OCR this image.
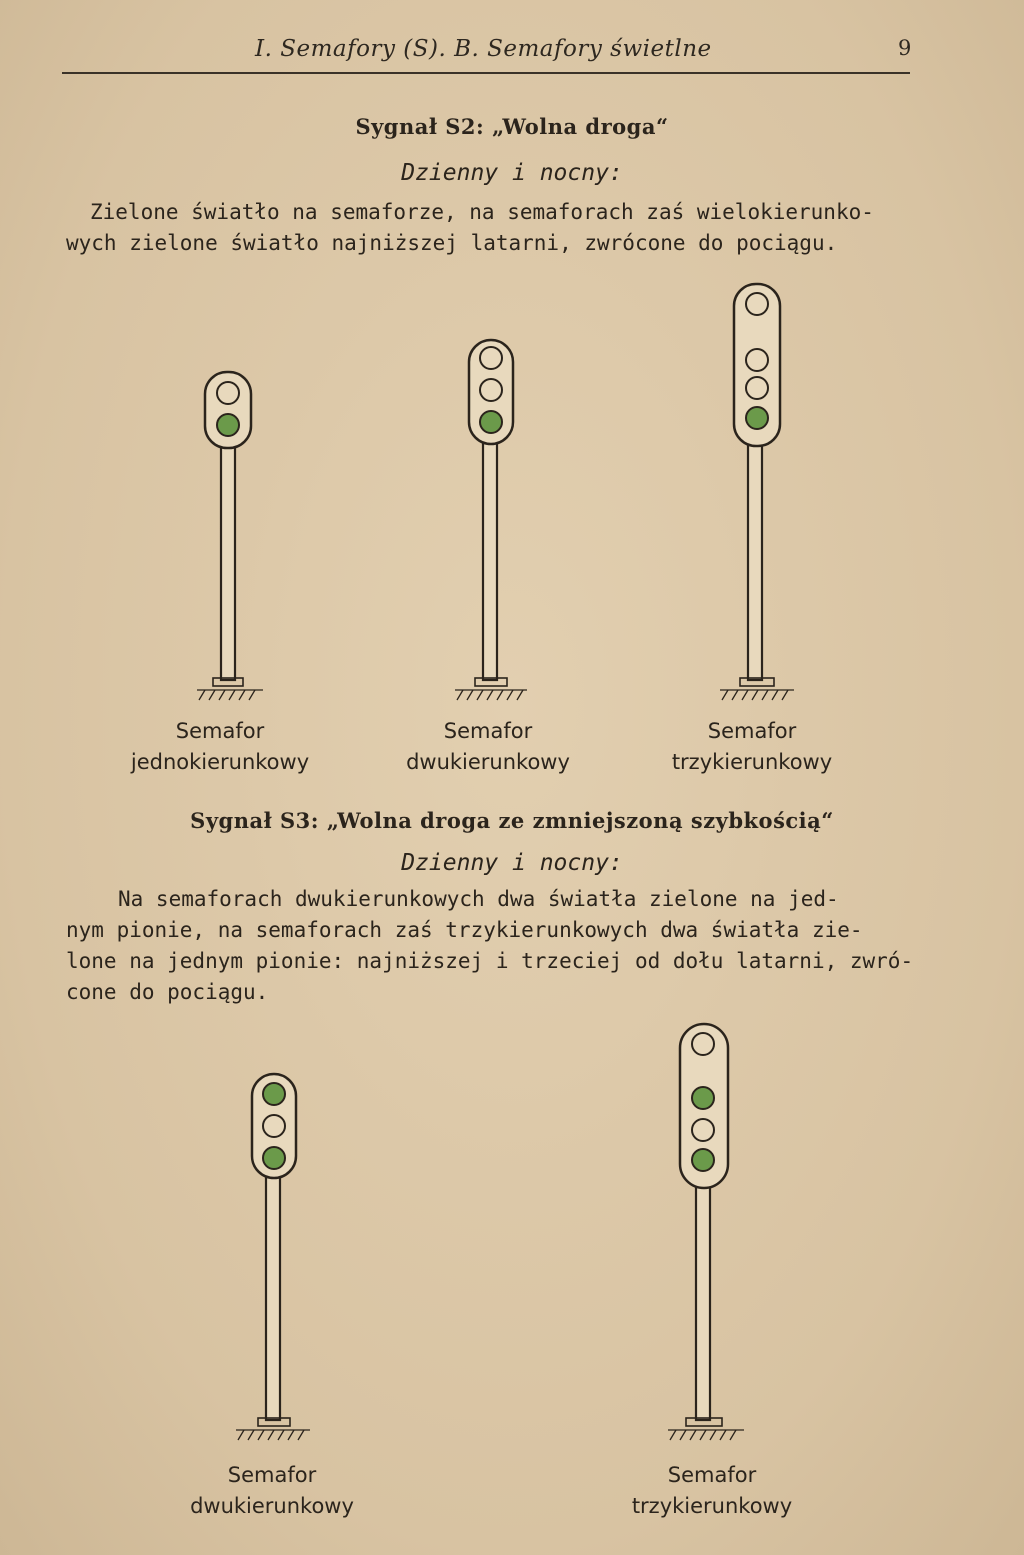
I. Semafory (S). B. Semafory świetlne	9
Sygnał S2: „Wolna droga“
Dzienny i nocny:
Zielone światło na semaforze, na semaforach zaś wielokierunko-
wych zielone światło najniższej latarni, zwrócone do pociągu.
Semafor
jednokierunkowy
Semafor
dwukierunkowy
Semafor
trzykierunkowy
Sygnał S3: „Wolna droga ze zmniejszoną szybkością“
Dzienny i nocny:
Na semaforach dwukierunkowych dwa światła zielone na jed-
nym pionie, na semaforach zaś trzykierunkowych dwa światła zie-
lone na jednym pionie: najniższej i trzeciej od dołu latarni, zwró-
cone do pociągu.
Semafor
dwukierunkowy
Semafor
trzykierunkowy
